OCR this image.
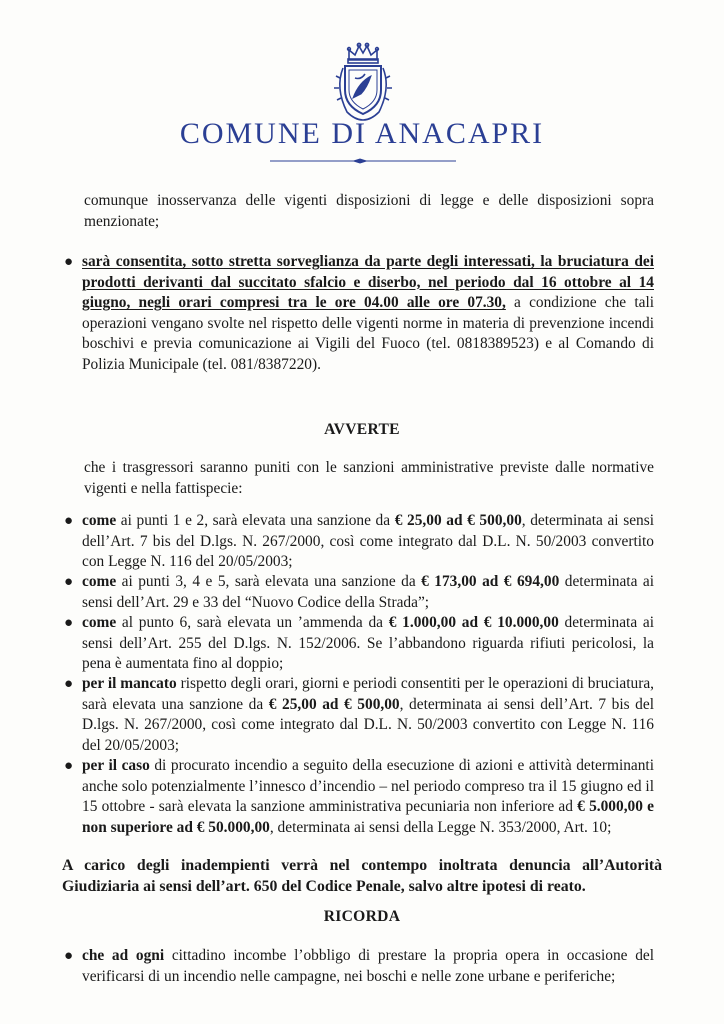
COMUNE DI ANACAPRI
comunque inosservanza delle vigenti disposizioni di legge e delle disposizioni sopra menzionate;
● sarà consentita, sotto stretta sorveglianza da parte degli interessati, la bruciatura dei prodotti derivanti dal succitato sfalcio e diserbo, nel periodo dal 16 ottobre al 14 giugno, negli orari compresi tra le ore 04.00 alle ore 07.30, a condizione che tali operazioni vengano svolte nel rispetto delle vigenti norme in materia di prevenzione incendi boschivi e previa comunicazione ai Vigili del Fuoco (tel. 0818389523) e al Comando di Polizia Municipale (tel. 081/8387220).
AVVERTE
che i trasgressori saranno puniti con le sanzioni amministrative previste dalle normative vigenti e nella fattispecie:
● come ai punti 1 e 2, sarà elevata una sanzione da € 25,00 ad € 500,00, determinata ai sensi dell’Art. 7 bis del D.lgs. N. 267/2000, così come integrato dal D.L. N. 50/2003 convertito con Legge N. 116 del 20/05/2003;
● come ai punti 3, 4 e 5, sarà elevata una sanzione da € 173,00 ad € 694,00 determinata ai sensi dell’Art. 29 e 33 del “Nuovo Codice della Strada”;
● come al punto 6, sarà elevata un ’ammenda da € 1.000,00 ad € 10.000,00 determinata ai sensi dell’Art. 255 del D.lgs. N. 152/2006. Se l’abbandono riguarda rifiuti pericolosi, la pena è aumentata fino al doppio;
● per il mancato rispetto degli orari, giorni e periodi consentiti per le operazioni di bruciatura, sarà elevata una sanzione da € 25,00 ad € 500,00, determinata ai sensi dell’Art. 7 bis del D.lgs. N. 267/2000, così come integrato dal D.L. N. 50/2003 convertito con Legge N. 116 del 20/05/2003;
● per il caso di procurato incendio a seguito della esecuzione di azioni e attività determinanti anche solo potenzialmente l’innesco d’incendio – nel periodo compreso tra il 15 giugno ed il 15 ottobre - sarà elevata la sanzione amministrativa pecuniaria non inferiore ad € 5.000,00 e non superiore ad € 50.000,00, determinata ai sensi della Legge N. 353/2000, Art. 10;
A carico degli inadempienti verrà nel contempo inoltrata denuncia all’Autorità Giudiziaria ai sensi dell’art. 650 del Codice Penale, salvo altre ipotesi di reato.
RICORDA
● che ad ogni cittadino incombe l’obbligo di prestare la propria opera in occasione del verificarsi di un incendio nelle campagne, nei boschi e nelle zone urbane e periferiche;
